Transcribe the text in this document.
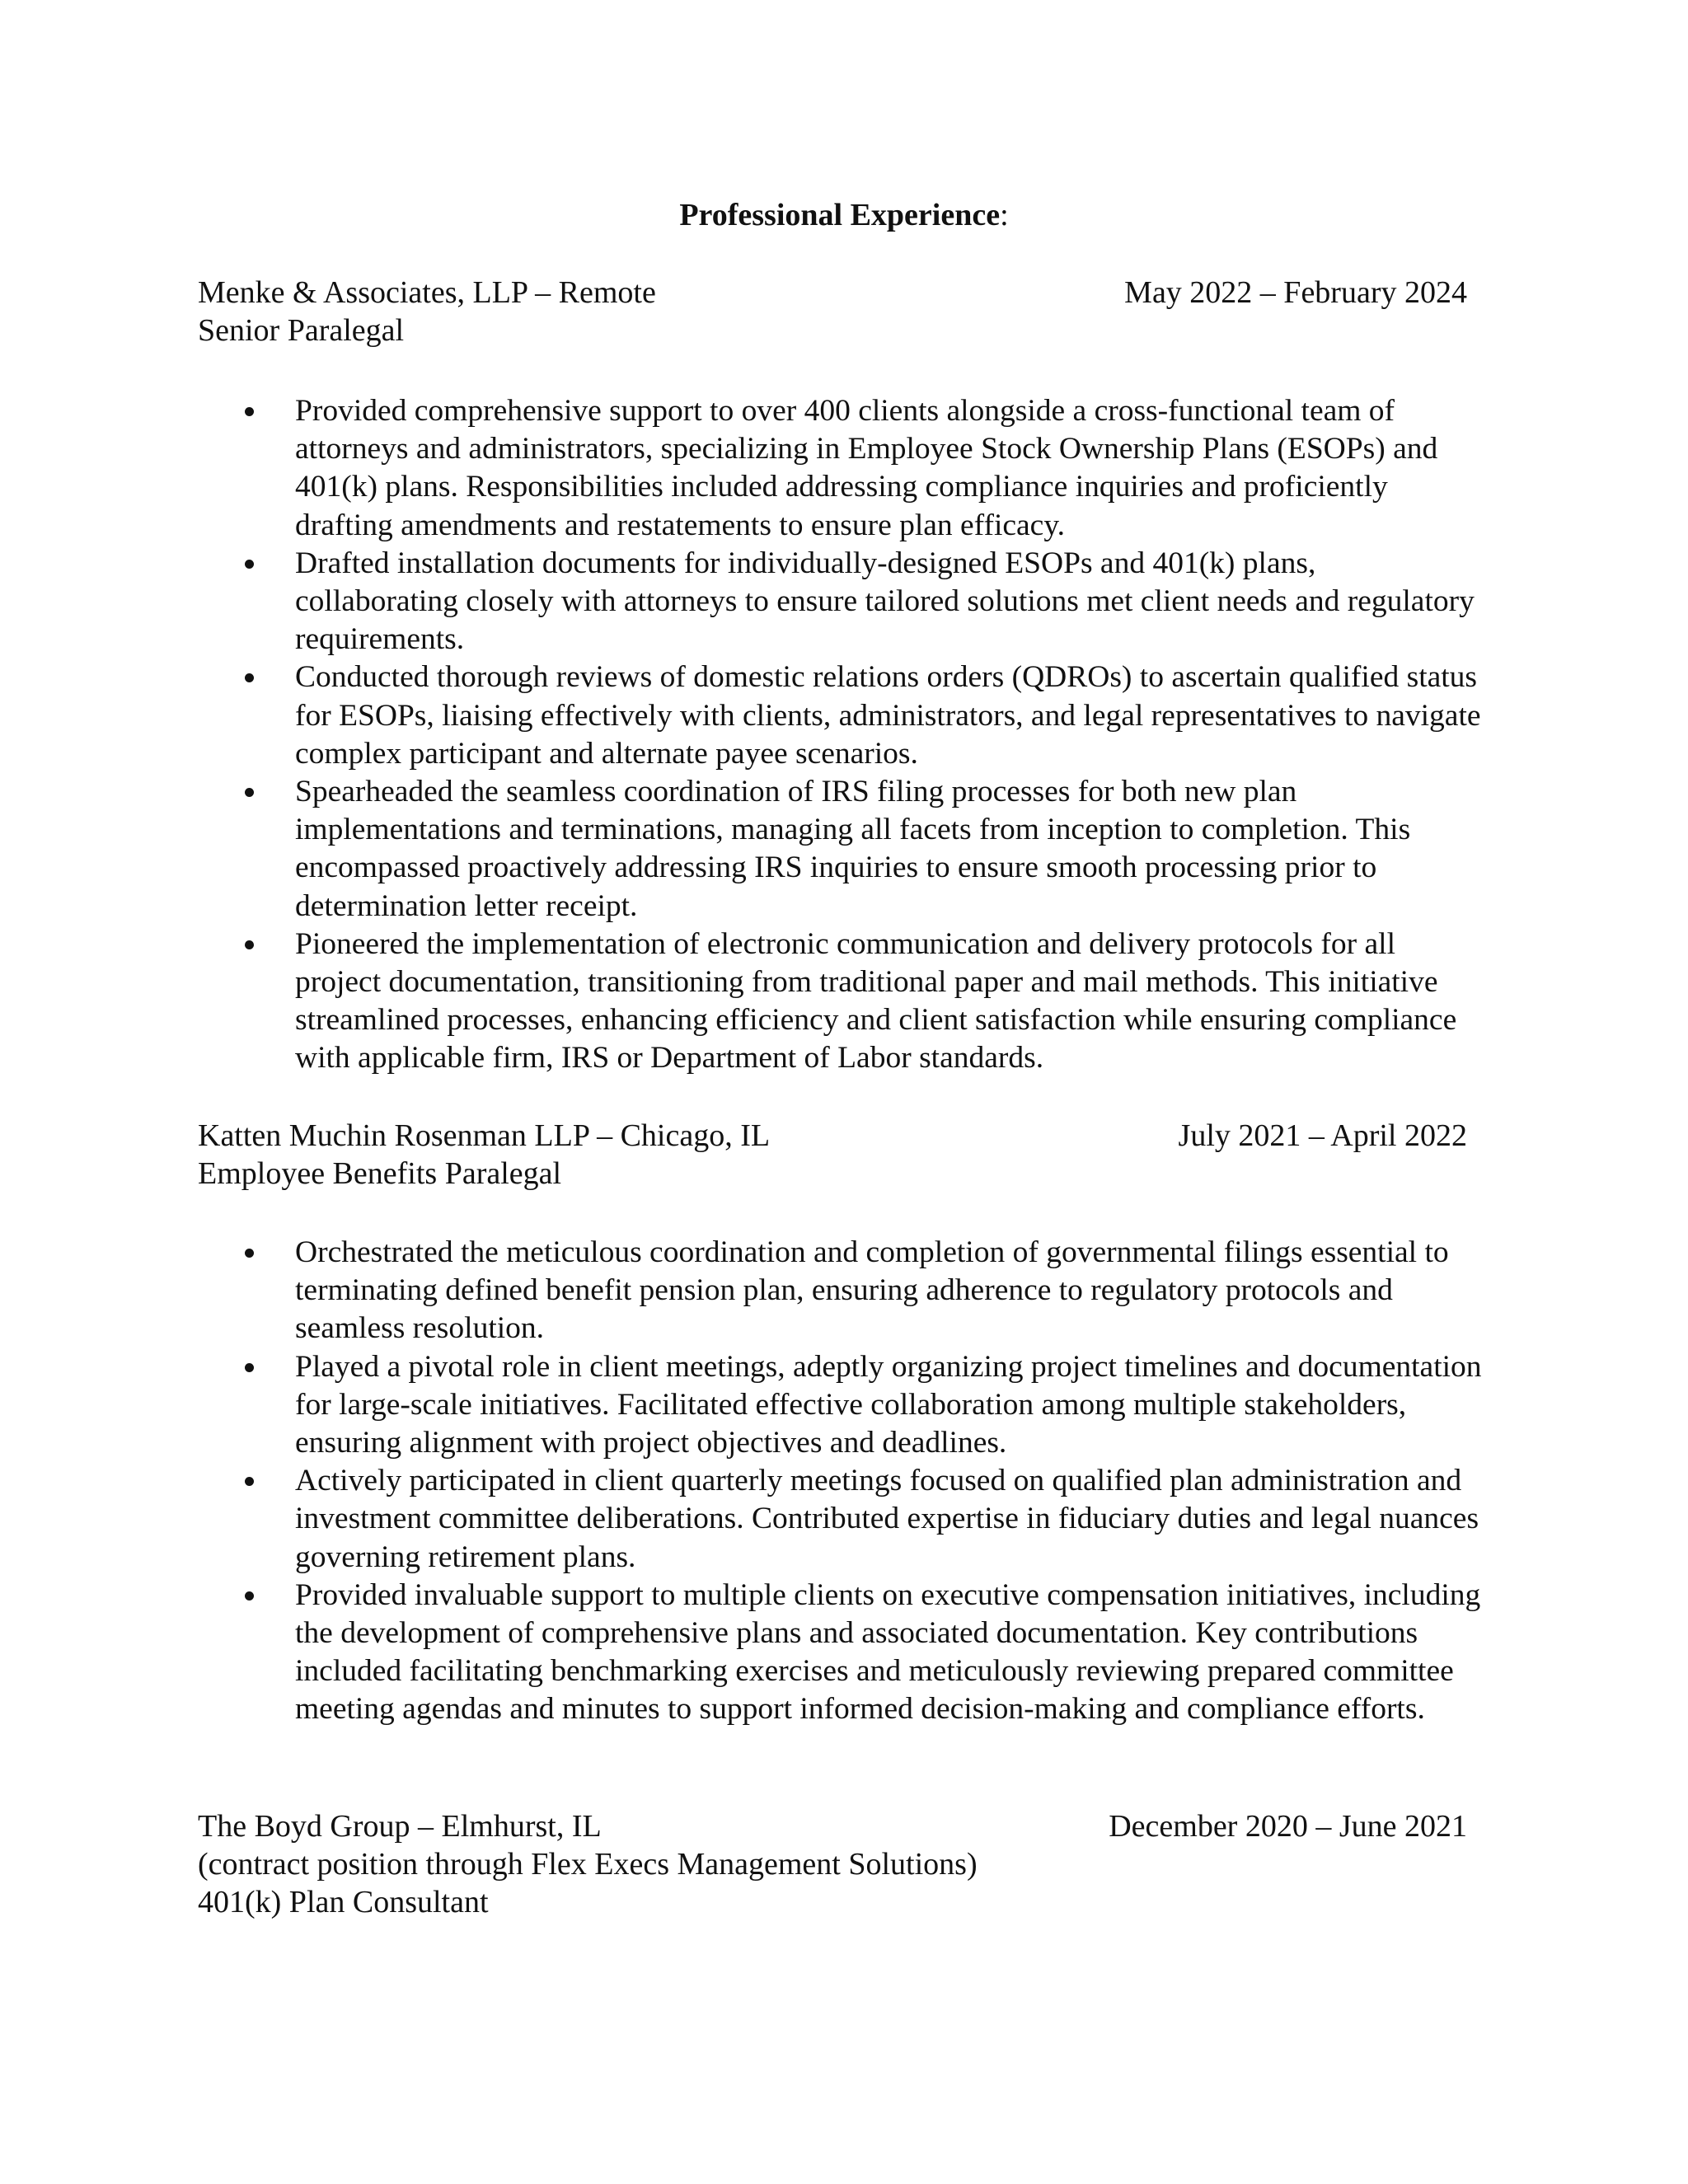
Professional Experience:
Menke & Associates, LLP – Remote	May 2022 – February 2024
Senior Paralegal
Provided comprehensive support to over 400 clients alongside a cross-functional team of attorneys and administrators, specializing in Employee Stock Ownership Plans (ESOPs) and 401(k) plans. Responsibilities included addressing compliance inquiries and proficiently drafting amendments and restatements to ensure plan efficacy.
Drafted installation documents for individually-designed ESOPs and 401(k) plans, collaborating closely with attorneys to ensure tailored solutions met client needs and regulatory requirements.
Conducted thorough reviews of domestic relations orders (QDROs) to ascertain qualified status for ESOPs, liaising effectively with clients, administrators, and legal representatives to navigate complex participant and alternate payee scenarios.
Spearheaded the seamless coordination of IRS filing processes for both new plan implementations and terminations, managing all facets from inception to completion. This encompassed proactively addressing IRS inquiries to ensure smooth processing prior to determination letter receipt.
Pioneered the implementation of electronic communication and delivery protocols for all project documentation, transitioning from traditional paper and mail methods. This initiative streamlined processes, enhancing efficiency and client satisfaction while ensuring compliance with applicable firm, IRS or Department of Labor standards.
Katten Muchin Rosenman LLP – Chicago, IL	July 2021 – April 2022
Employee Benefits Paralegal
Orchestrated the meticulous coordination and completion of governmental filings essential to terminating defined benefit pension plan, ensuring adherence to regulatory protocols and seamless resolution.
Played a pivotal role in client meetings, adeptly organizing project timelines and documentation for large-scale initiatives. Facilitated effective collaboration among multiple stakeholders, ensuring alignment with project objectives and deadlines.
Actively participated in client quarterly meetings focused on qualified plan administration and investment committee deliberations. Contributed expertise in fiduciary duties and legal nuances governing retirement plans.
Provided invaluable support to multiple clients on executive compensation initiatives, including the development of comprehensive plans and associated documentation. Key contributions included facilitating benchmarking exercises and meticulously reviewing prepared committee meeting agendas and minutes to support informed decision-making and compliance efforts.
The Boyd Group – Elmhurst, IL	December 2020 – June 2021
(contract position through Flex Execs Management Solutions)
401(k) Plan Consultant
